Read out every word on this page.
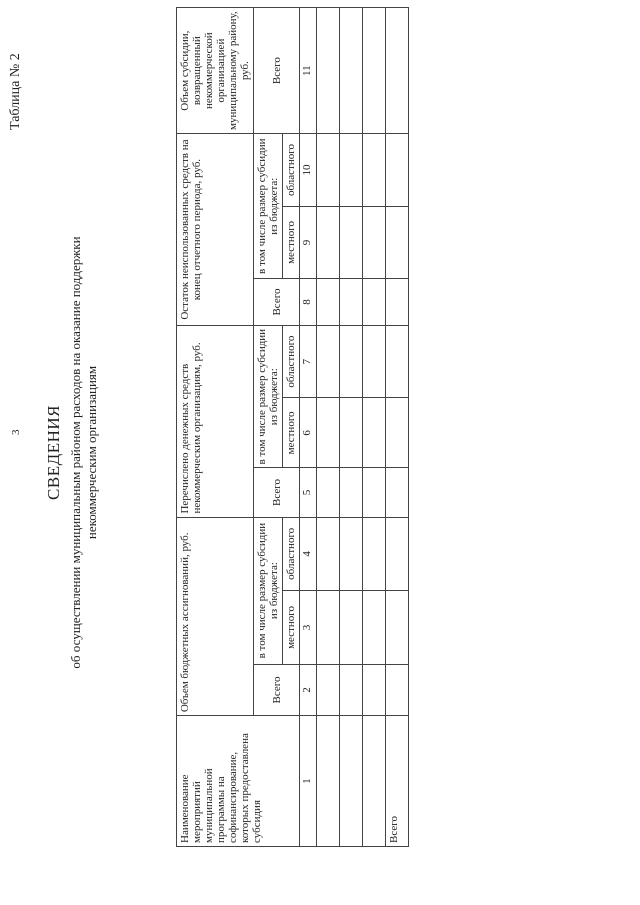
3
Таблица № 2
СВЕДЕНИЯ об осуществлении муниципальным районом расходов на оказание поддержки некоммерческим организациям
Наименование мероприятий муниципальной программы на софинансирование, которых предоставлена субсидия	Объем бюджетных ассигнований, руб.			Перечислено денежных средств некоммерческим организациям, руб.			Остаток неиспользованных средств на конец отчетного периода, руб.			Объем субсидии, возвращенный некоммерческой организацией муниципальному району, руб.
	Всего	в том числе размер субсидии из бюджета:		Всего	в том числе размер субсидии из бюджета:		Всего	в том числе размер субсидии из бюджета:		Всего
		местного	областного		местного	областного		местного	областного	
1	2	3	4	5	6	7	8	9	10	11

Всего										
